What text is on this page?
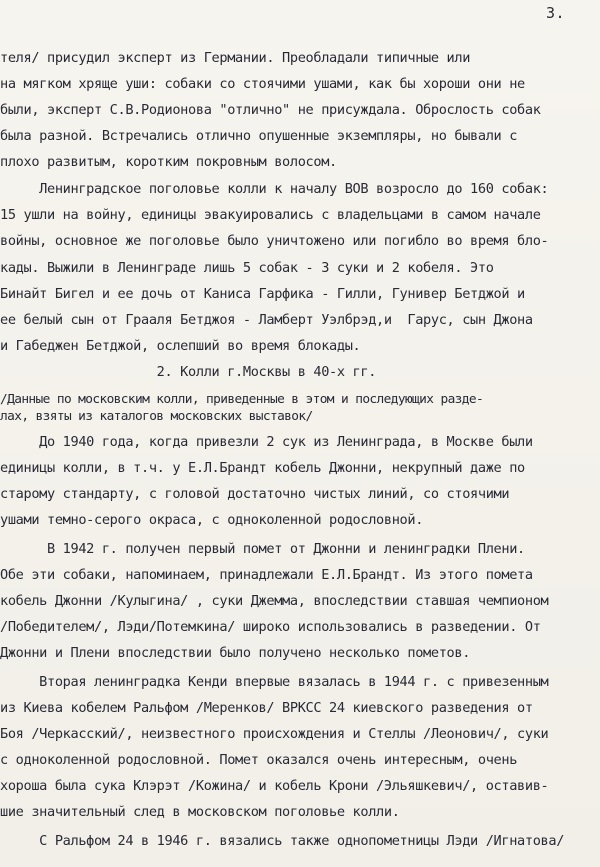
3.
теля/ присудил эксперт из Германии. Преобладали типичные или
на мягком хряще уши: собаки со стоячими ушами, как бы хороши они не
были, эксперт С.В.Родионова "отлично" не присуждала. Оброслость собак
была разной. Встречались отлично опушенные экземпляры, но бывали с
плохо развитым, коротким покровным волосом.
Ленинградское поголовье колли к началу ВОВ возросло до 160 собак:
15 ушли на войну, единицы эвакуировались с владельцами в самом начале
войны, основное же поголовье было уничтожено или погибло во время бло-
кады. Выжили в Ленинграде лишь 5 собак - 3 суки и 2 кобеля. Это
Бинайт Бигел и ее дочь от Каниса Гарфика - Гилли, Гунивер Бетджой и
ее белый сын от Грааля Бетджоя - Ламберт Уэлбрэд,и  Гарус, сын Джона
и Габеджен Бетджой, ослепший во время блокады.
2. Колли г.Москвы в 40-х гг.
/Данные по московским колли, приведенные в этом и последующих разде-
лах, взяты из каталогов московских выставок/
До 1940 года, когда привезли 2 сук из Ленинграда, в Москве были
единицы колли, в т.ч. у Е.Л.Брандт кобель Джонни, некрупный даже по
старому стандарту, с головой достаточно чистых линий, со стоячими
ушами темно-серого окраса, с одноколенной родословной.
В 1942 г. получен первый помет от Джонни и ленинградки Плени.
Обе эти собаки, напоминаем, принадлежали Е.Л.Брандт. Из этого помета
кобель Джонни /Кулыгина/ , суки Джемма, впоследствии ставшая чемпионом
/Победителем/, Лэди/Потемкина/ широко использовались в разведении. От
Джонни и Плени впоследствии было получено несколько пометов.
Вторая ленинградка Кенди впервые вязалась в 1944 г. с привезенным
из Киева кобелем Ральфом /Меренков/ ВРКСС 24 киевского разведения от
Боя /Черкасский/, неизвестного происхождения и Стеллы /Леонович/, суки
с одноколенной родословной. Помет оказался очень интересным, очень
хороша была сука Клэрэт /Кожина/ и кобель Крони /Эльяшкевич/, оставив-
шие значительный след в московском поголовье колли.
С Ральфом 24 в 1946 г. вязались также однопометницы Лэди /Игнатова/
